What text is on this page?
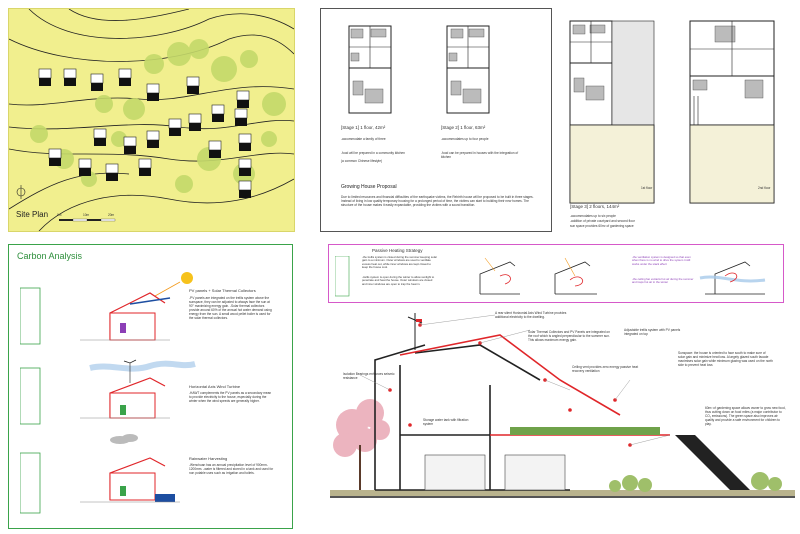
Site Plan	0m	10m	20m
[Stage 1] 1 floor, 42m²
-accommodate a family of three
-food will be prepared in a community kitchen
(a common Chinese lifestyle)
[Stage 2] 1 floor, 63m²
-accommodates up to four people
-food can be prepared in houses with the integration of kitchen
Growing House Proposal
Due to limited resources and financial difficulties of the earthquake victims, the Rebirth house will be proposed to be built in three stages. Instead of living in low quality temporary housing for a prolonged period of time, the victims can start to building their new homes. The structure of the house makes it easily expandable, providing the victims with a sound transition.
1st floor	2nd floor
[Stage 3] 2 floors, 144m²
-accommodates up to six people
-addition of private courtyard and second floor
sun space provides 60m² of gardening space
Carbon Analysis
PV panels + Solar Thermal Collectors
-PV panels are integrated on the trellis system above the sunspace, they can be adjusted to always face the sun at 90° maximizing energy gain. -Solar thermal collectors provide around 60% of the annual hot water demand using energy from the sun. A small wood pellet boiler is used for the solar thermal collectors.
Horizontal Axis Wind Turbine
-HAWT complements the PV panels as a secondary mean to provide electricity to the house, especially during the winter when the wind speeds are generally higher.
Rainwater Harvesting
-Wenchuan has an annual precipitation level of 900mm-1200mm. -water is filtered and stored in a tank and used for non potable uses such as irrigation and toilets.
Passive Heating Strategy
-the trellis system is closed during the summer keeping solar gain to a minimum. Outer windows are used to ventilate excess heat out, while inner windows are kept closed to keep the house cool.
-trellis system is open during the winter to allow sunlight to penetrate and heat the house. Outer windows are closed and inner windows are open to trap the heat in.
-the ventilation system is designed so that even when there is no wind to drive the system it still works under the stack effect
-the ceiling fan extracts hot air during the summer and traps hot air in the winter
A rear silent Horizontal Axis Wind Turbine provides additional electricity to the dwelling.
Solar Thermal Collectors and PV Panels are integrated on the roof which is angled perpendicular to the summer sun. This allows maximum energy gain.
Adjustable trellis system with PV panels integrated on top
Ceiling vent provides zero energy passive heat recovery ventilation
Sunspace: the house is oriented to face south to make sure of solar gain and minimize heat loss. A largely glazed south facade maximises solar gain while minimum glazing was used on the north side to prevent heat loss
Isolation Bearings enhances seismic resistance
Storage water tank with filtration system
60m² of gardening space allows owner to grow new food, thus cutting down on food miles (a major contributor to CO₂ emissions). The green space also improves air quality and provide a safe environment for children to play.
